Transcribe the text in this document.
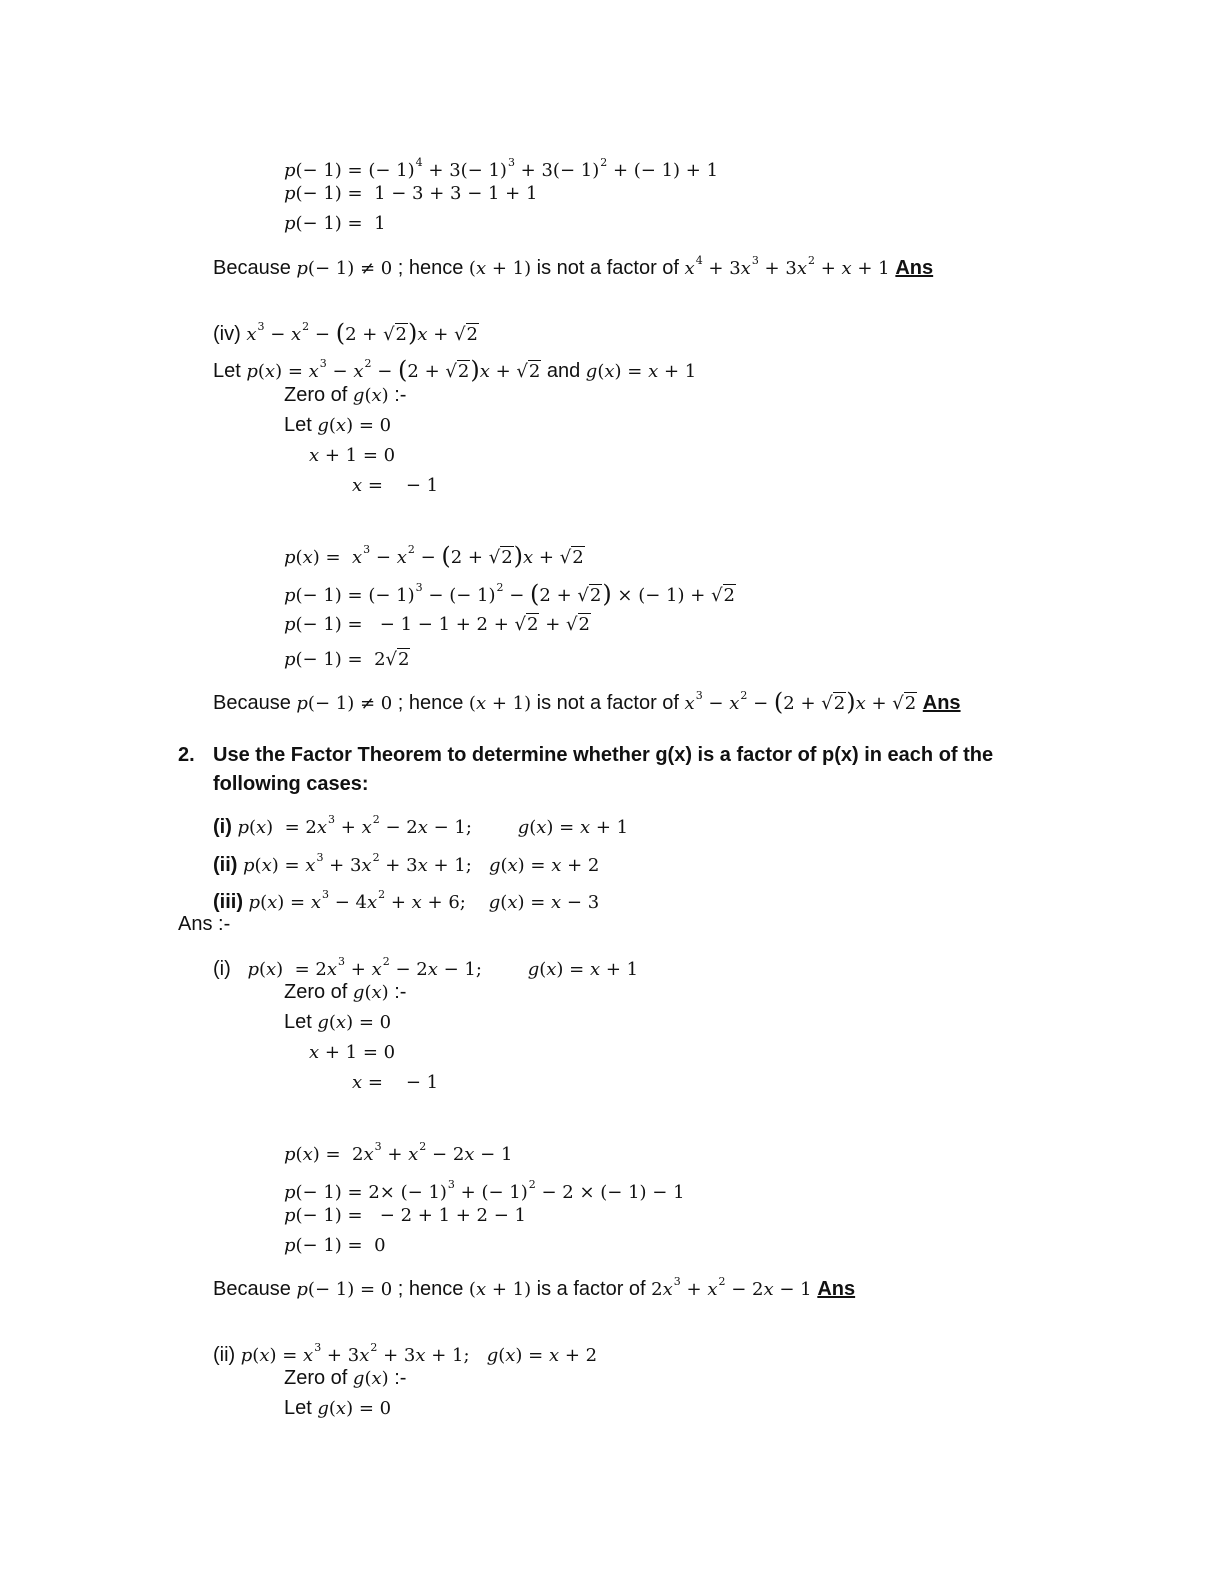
p(− 1) = (− $1)^4 + 3(- 1)^3 + 3(- 1)^2$ + (− 1) + 1
p(− 1) =  1 − 3 + 3 − 1 + 1
p(− 1) =  1
Because p(− 1) ≠ 0 ; hence (x + 1) is not a factor of $x^4 + 3x^3 + 3x^2 + x + 1$ Ans
(iv) $x^3 - x^2 - (2 + √2)x + √2$
Let $p(x) = x^3 - x^2 - (2 + √2)x + √2$ and g(x) = x + 1
Zero of g(x) :-
Let g(x) = 0
x + 1 = 0
x =    − 1
$p(x) = x^3 - x^2 - (2 + √2)x + √2$
p(− 1) = (− 1)$^3$ − (− 1)$^2$ − (2 + √2) × (− 1) + √2
p(− 1) =   − 1 − 1 + 2 + √2 + √2
p(− 1) =  2√2
Because p(− 1) ≠ 0 ; hence (x + 1) is not a factor of $x^3 - x^2 - (2 + √2)x + √2$ Ans
2. Use the Factor Theorem to determine whether g(x) is a factor of p(x) in each of the
following cases:
(i) $p(x) = 2x^3 + x^2 - 2x - 1$;        g(x) = x + 1
(ii) $p(x) = x^3 + 3x^2 + 3x + 1$;   g(x) = x + 2
(iii) $p(x) = x^3 - 4x^2 + x + 6$;    g(x) = x − 3
Ans :-
(i)   $p(x) = 2x^3 + x^2 - 2x - 1$;        g(x) = x + 1
Zero of g(x) :-
Let g(x) = 0
x + 1 = 0
x =    − 1
$p(x) = 2x^3 + x^2 - 2x - 1$
p(− 1) = 2× (− 1)$^3$ + (− 1)$^2$ − 2 × (− 1) − 1
p(− 1) =   − 2 + 1 + 2 − 1
p(− 1) =  0
Because p(− 1) = 0 ; hence (x + 1) is a factor of $2x^3 + x^2 - 2x - 1$ Ans
(ii) $p(x) = x^3 + 3x^2 + 3x + 1$;   g(x) = x + 2
Zero of g(x) :-
Let g(x) = 0
